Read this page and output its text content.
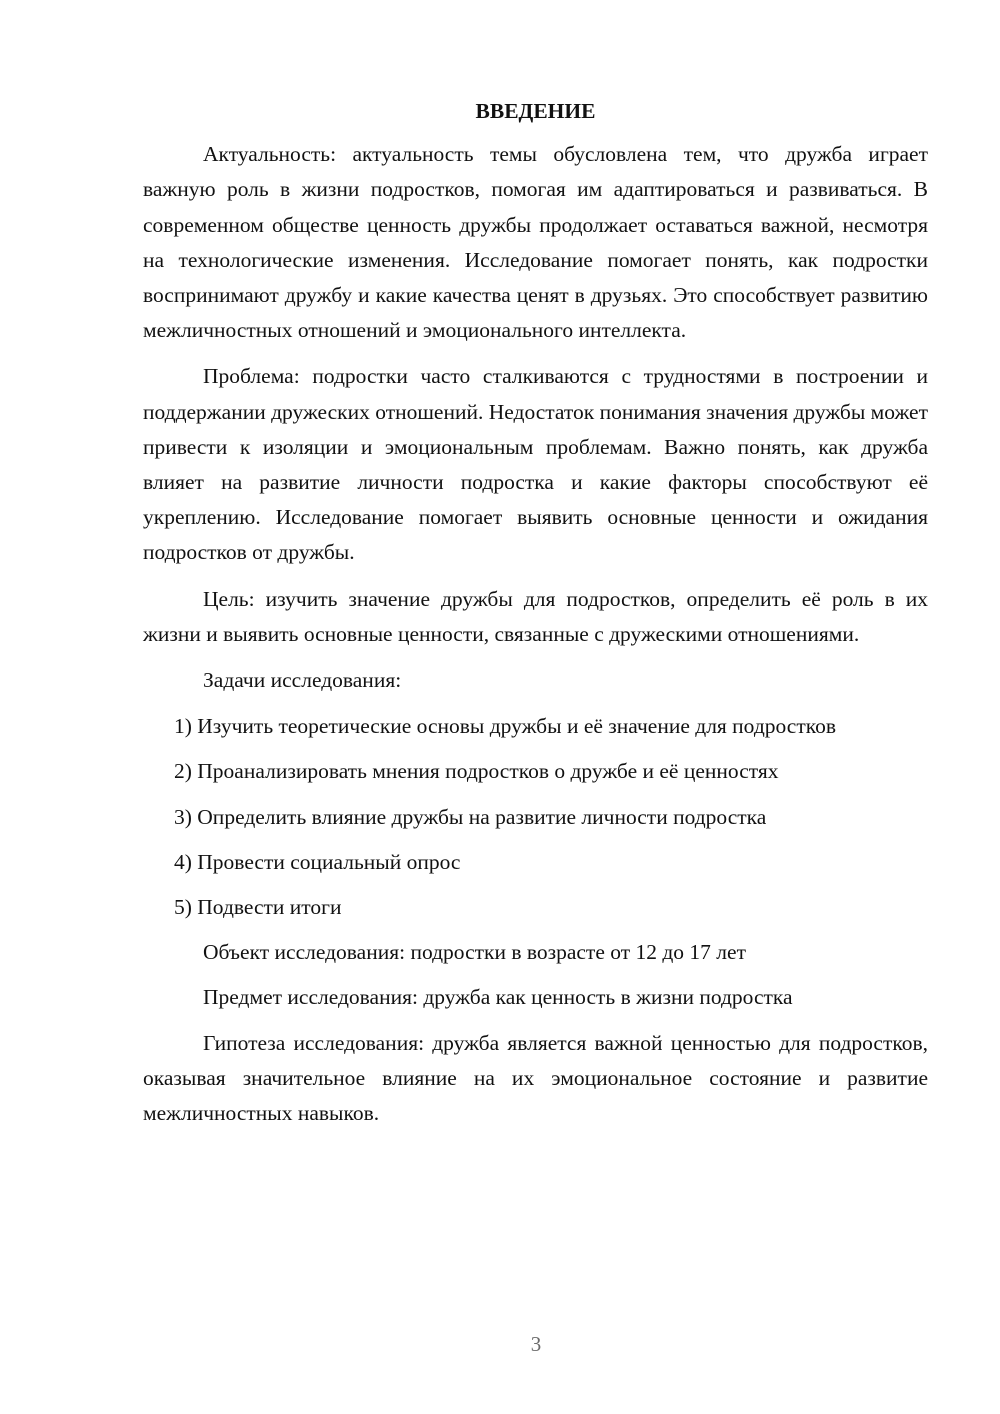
ВВЕДЕНИЕ

Актуальность: актуальность темы обусловлена тем, что дружба играет важную роль в жизни подростков, помогая им адаптироваться и развиваться. В современном обществе ценность дружбы продолжает оставаться важной, несмотря на технологические изменения. Исследование помогает понять, как подростки воспринимают дружбу и какие качества ценят в друзьях. Это способствует развитию межличностных отношений и эмоционального интеллекта.

Проблема: подростки часто сталкиваются с трудностями в построении и поддержании дружеских отношений. Недостаток понимания значения дружбы может привести к изоляции и эмоциональным проблемам. Важно понять, как дружба влияет на развитие личности подростка и какие факторы способствуют её укреплению. Исследование помогает выявить основные ценности и ожидания подростков от дружбы.

Цель: изучить значение дружбы для подростков, определить её роль в их жизни и выявить основные ценности, связанные с дружескими отношениями.

Задачи исследования:

1) Изучить теоретические основы дружбы и её значение для подростков

2) Проанализировать мнения подростков о дружбе и её ценностях

3) Определить влияние дружбы на развитие личности подростка

4) Провести социальный опрос

5) Подвести итоги

Объект исследования: подростки в возрасте от 12 до 17 лет

Предмет исследования: дружба как ценность в жизни подростка

Гипотеза исследования: дружба является важной ценностью для подростков, оказывая значительное влияние на их эмоциональное состояние и развитие межличностных навыков.

3
